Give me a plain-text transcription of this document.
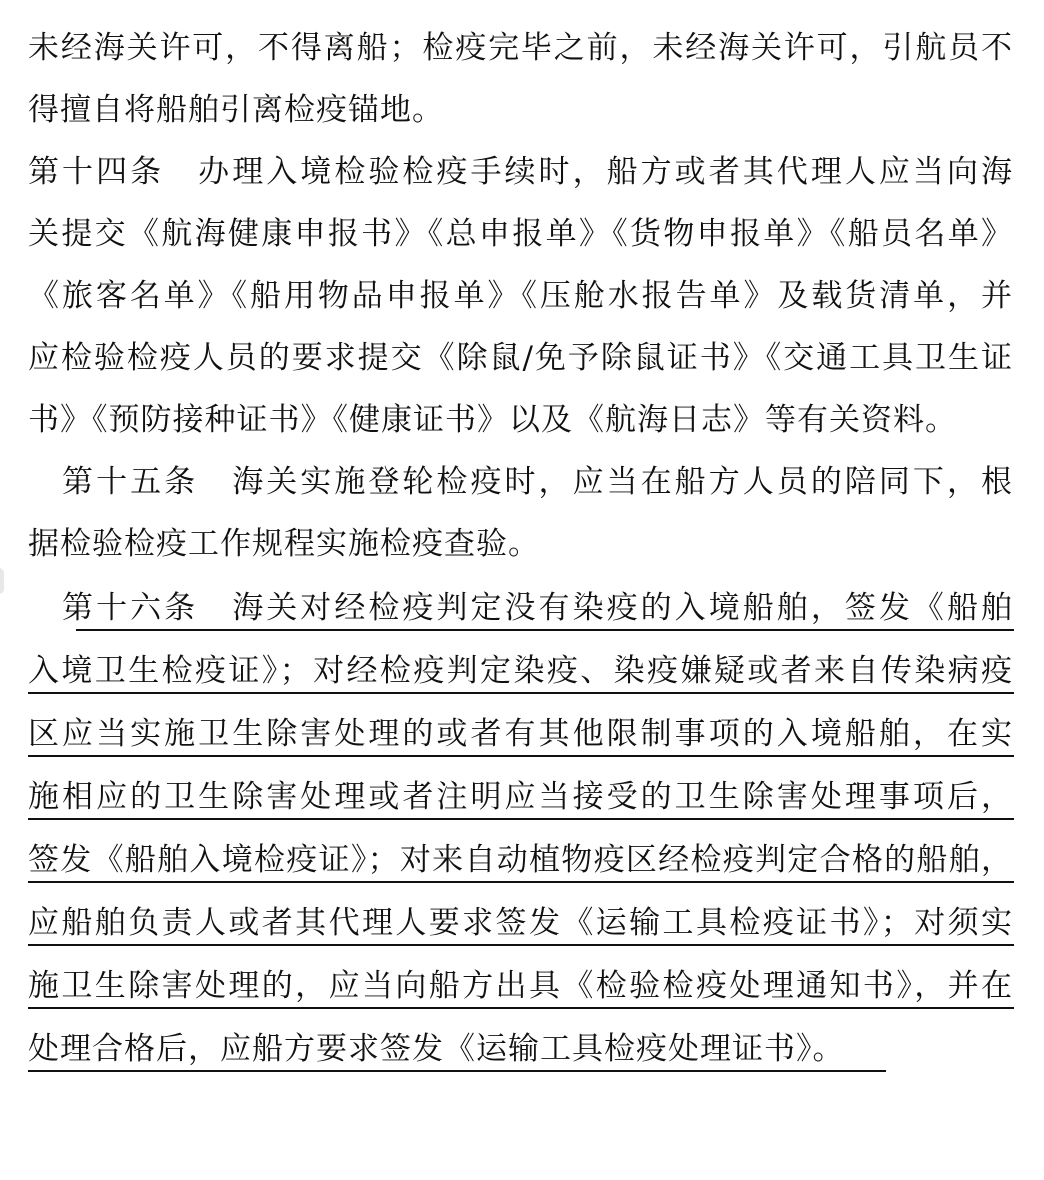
未经海关许可，不得离船；检疫完毕之前，未经海关许可，引航员不
得擅自将船舶引离检疫锚地。
第十四条　办理入境检验检疫手续时，船方或者其代理人应当向海
关提交《航海健康申报书》《总申报单》《货物申报单》《船员名单》
《旅客名单》《船用物品申报单》《压舱水报告单》及载货清单，并
应检验检疫人员的要求提交《除鼠/免予除鼠证书》《交通工具卫生证
书》《预防接种证书》《健康证书》以及《航海日志》等有关资料。
　第十五条　海关实施登轮检疫时，应当在船方人员的陪同下，根
据检验检疫工作规程实施检疫查验。
　第十六条　海关对经检疫判定没有染疫的入境船舶，签发《船舶
入境卫生检疫证》；对经检疫判定染疫、染疫嫌疑或者来自传染病疫
区应当实施卫生除害处理的或者有其他限制事项的入境船舶，在实
施相应的卫生除害处理或者注明应当接受的卫生除害处理事项后，
签发《船舶入境检疫证》；对来自动植物疫区经检疫判定合格的船舶，
应船舶负责人或者其代理人要求签发《运输工具检疫证书》；对须实
施卫生除害处理的，应当向船方出具《检验检疫处理通知书》，并在
处理合格后，应船方要求签发《运输工具检疫处理证书》。
